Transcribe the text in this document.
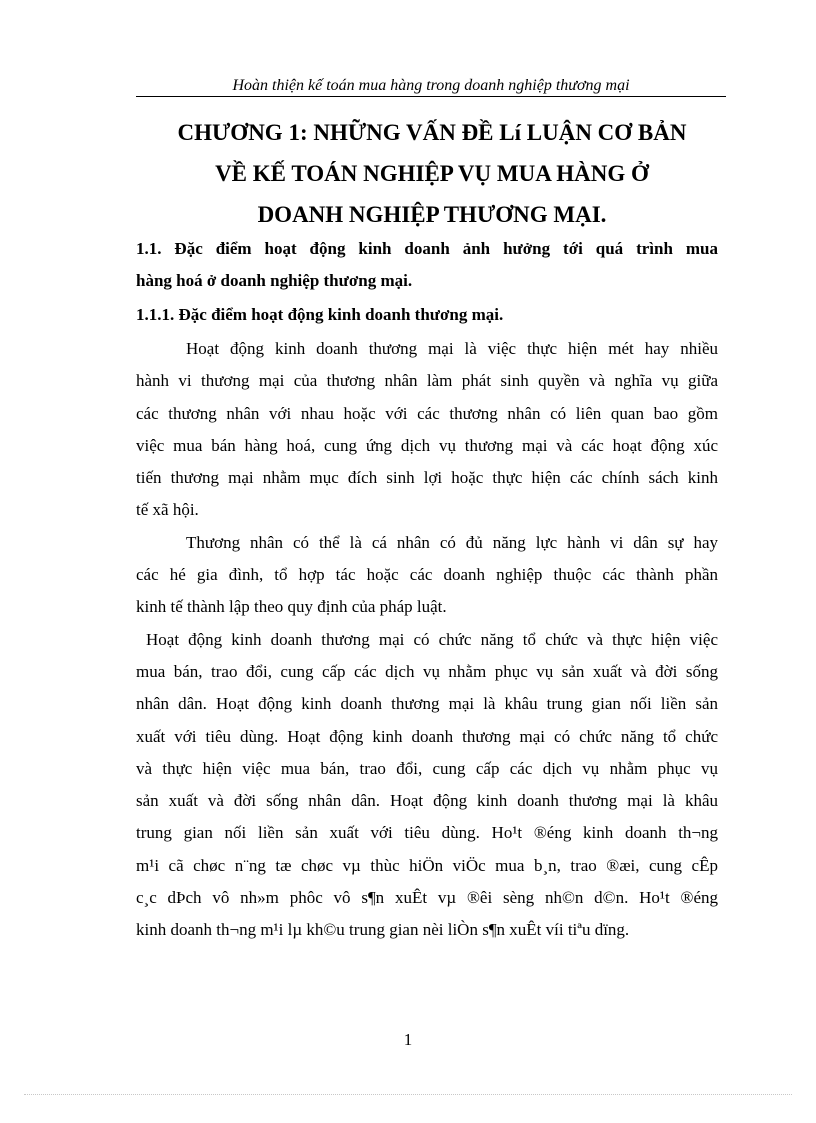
Hoàn thiện kế toán mua hàng trong doanh nghiệp thương mại
CHƯƠNG 1: NHỮNG VẤN ĐỀ Lí LUẬN CƠ BẢN
VỀ KẾ TOÁN NGHIỆP VỤ MUA HÀNG Ở
DOANH NGHIỆP THƯƠNG MẠI.
1.1. Đặc điểm hoạt động kinh doanh ảnh hưởng tới quá trình mua
hàng hoá ở doanh nghiệp thương mại.
1.1.1. Đặc điểm hoạt động kinh doanh thương mại.
Hoạt động kinh doanh thương mại là việc thực hiện mét hay nhiều
hành vi thương mại của thương nhân làm phát sinh quyền và nghĩa vụ giữa
các thương nhân với nhau hoặc với các thương nhân có liên quan bao gồm
việc mua bán hàng hoá, cung ứng dịch vụ thương mại và các hoạt động xúc
tiến thương mại nhằm mục đích sinh lợi hoặc thực hiện các chính sách kinh
tế xã hội.
Thương nhân có thể là cá nhân có đủ năng lực hành vi dân sự hay
các hé gia đình, tổ hợp tác hoặc các doanh nghiệp thuộc các thành phần
kinh tế thành lập theo quy định của pháp luật.
Hoạt động kinh doanh thương mại có chức năng tổ chức và thực hiện việc
mua bán, trao đổi, cung cấp các dịch vụ nhằm phục vụ sản xuất và đời sống
nhân dân. Hoạt động kinh doanh thương mại là khâu trung gian nối liền sản
xuất với tiêu dùng. Hoạt động kinh doanh thương mại có chức năng tổ chức
và thực hiện việc mua bán, trao đổi, cung cấp các dịch vụ nhằm phục vụ
sản xuất và đời sống nhân dân. Hoạt động kinh doanh thương mại là khâu
trung gian nối liền sản xuất với tiêu dùng. Ho¹t ®éng kinh doanh th¬ng
m¹i cã chøc n¨ng tæ chøc vµ thùc hiÖn viÖc mua b¸n, trao ®æi, cung cÊp
c¸c dÞch vô nh»m phôc vô s¶n xuÊt vµ ®êi sèng nh©n d©n. Ho¹t ®éng
kinh doanh th¬ng m¹i lµ kh©u trung gian nèi liÒn s¶n xuÊt víi tiªu dïng.
1
